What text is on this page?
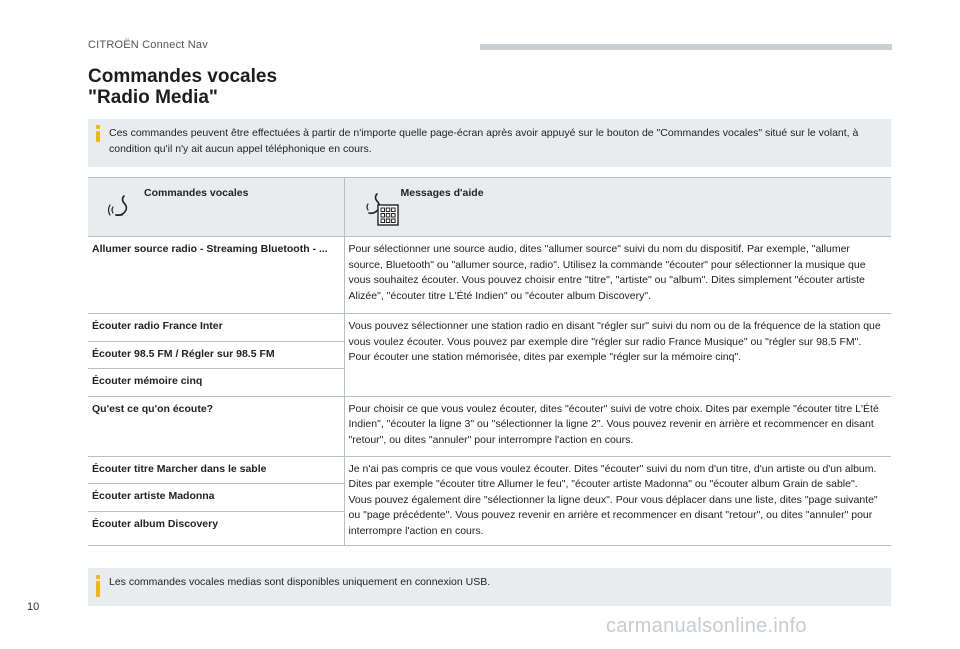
CITROËN Connect Nav
Commandes vocales
"Radio Media"
Ces commandes peuvent être effectuées à partir de n'importe quelle page-écran après avoir appuyé sur le bouton de "Commandes vocales" situé sur le volant, à condition qu'il n'y ait aucun appel téléphonique en cours.
Commandes vocales	Messages d'aide

Allumer source radio - Streaming Bluetooth - ...	Pour sélectionner une source audio, dites "allumer source" suivi du nom du dispositif. Par exemple, "allumer source, Bluetooth" ou "allumer source, radio". Utilisez la commande "écouter" pour sélectionner la musique que vous souhaitez écouter. Vous pouvez choisir entre "titre", "artiste" ou "album". Dites simplement "écouter artiste Alizée", "écouter titre L'Été Indien" ou "écouter album Discovery".
Écouter radio France Inter	Vous pouvez sélectionner une station radio en disant "régler sur" suivi du nom ou de la fréquence de la station que vous voulez écouter. Vous pouvez par exemple dire "régler sur radio France Musique" ou "régler sur 98.5 FM". Pour écouter une station mémorisée, dites par exemple "régler sur la mémoire cinq".
Écouter 98.5 FM / Régler sur 98.5 FM	
Écouter mémoire cinq	
Qu'est ce qu'on écoute?	Pour choisir ce que vous voulez écouter, dites "écouter" suivi de votre choix. Dites par exemple "écouter titre L'Été Indien", "écouter la ligne 3" ou "sélectionner la ligne 2". Vous pouvez revenir en arrière et recommencer en disant "retour", ou dites "annuler" pour interrompre l'action en cours.
Écouter titre Marcher dans le sable	Je n'ai pas compris ce que vous voulez écouter. Dites "écouter" suivi du nom d'un titre, d'un artiste ou d'un album. Dites par exemple "écouter titre Allumer le feu", "écouter artiste Madonna" ou "écouter album Grain de sable". Vous pouvez également dire "sélectionner la ligne deux". Pour vous déplacer dans une liste, dites "page suivante" ou "page précédente". Vous pouvez revenir en arrière et recommencer en disant "retour", ou dites "annuler" pour interrompre l'action en cours.
Écouter artiste Madonna	
Écouter album Discovery	
Les commandes vocales medias sont disponibles uniquement en connexion USB.
10
carmanualsonline.info
